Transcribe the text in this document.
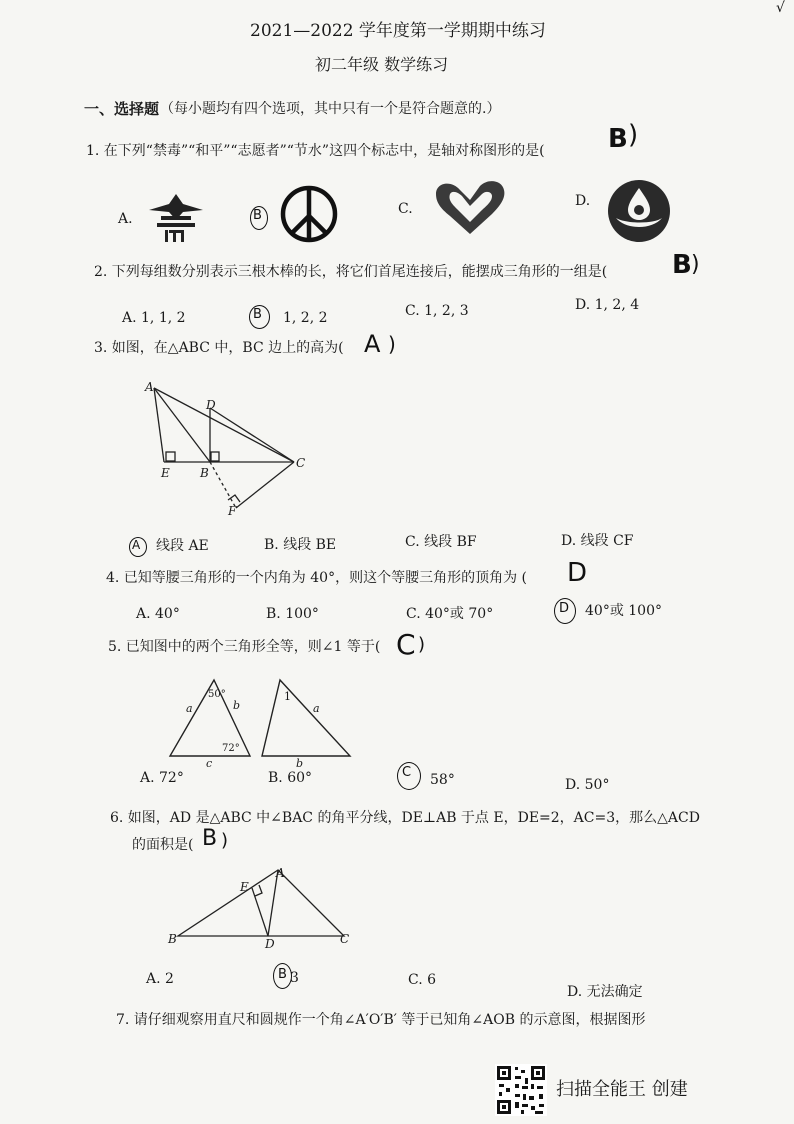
2021—2022 学年度第一学期期中练习
初二年级 数学练习
√
一、选择题 （每小题均有四个选项，其中只有一个是符合题意的.）
1. 在下列“禁毒”“和平”“志愿者”“节水”这四个标志中，是轴对称图形的是( B )
A.	B	C.	D.
2. 下列每组数分别表示三根木棒的长，将它们首尾连接后，能摆成三角形的一组是( B )
A. 1, 1, 2	B 1, 2, 2	C. 1, 2, 3	D. 1, 2, 4
3. 如图，在△ABC 中，BC 边上的高为( A )
A
D
E	B
C
F
A 线段 AE	B. 线段 BE	C. 线段 BF	D. 线段 CF
4. 已知等腰三角形的一个内角为 40°，则这个等腰三角形的顶角为 ( D
A. 40°	B. 100°	C. 40°或 70°	D 40°或 100°
5. 已知图中的两个三角形全等，则∠1 等于( C )
50°
a	b
72°
c
1
a
b
A. 72°	B. 60°	C 58°	D. 50°
6. 如图，AD 是△ABC 中∠BAC 的角平分线，DE⊥AB 于点 E，DE=2，AC=3，那么△ACD
的面积是( B )
A
E
B	D	C
A. 2	B 3	C. 6
D. 无法确定
7. 请仔细观察用直尺和圆规作一个角∠A′O′B′ 等于已知角∠AOB 的示意图，根据图形
扫描全能王 创建
